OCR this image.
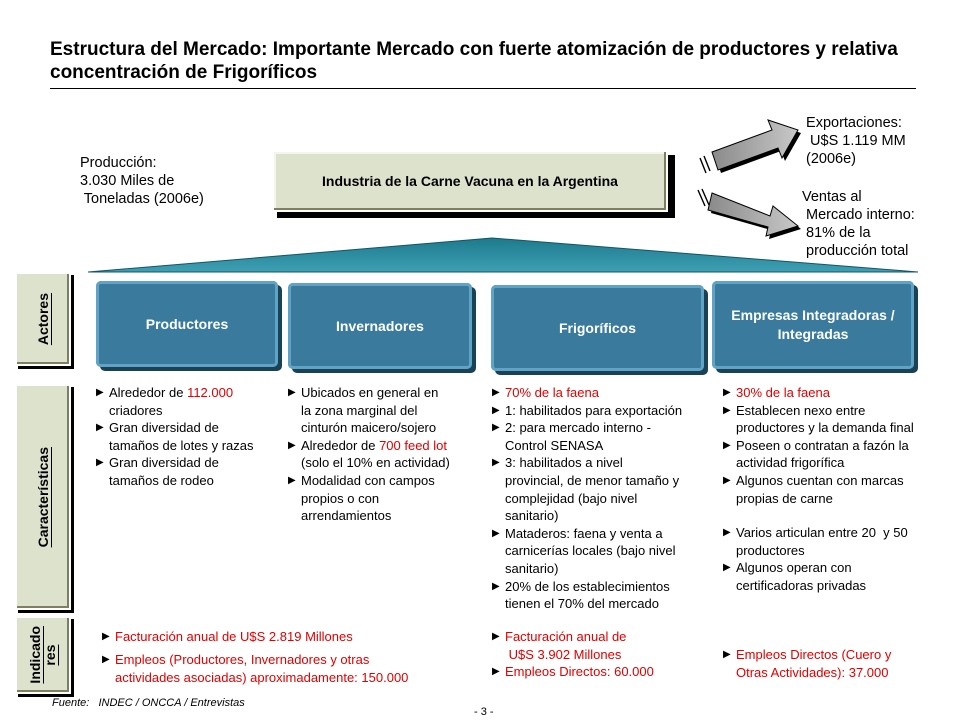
Estructura del Mercado: Importante Mercado con fuerte atomización de productores y relativa concentración de Frigoríficos
Producción:
3.030 Miles de
Toneladas (2006e)
Industria de la Carne Vacuna en la Argentina
Exportaciones:
U$S 1.119 MM
(2006e)
Ventas al
Mercado interno:
81% de la
producción total
Actores
Características
Indicado
res
Productores	Invernadores	Frigoríficos
Empresas Integradoras /
Integradas
▶ Alrededor de 112.000
criadores
▶ Gran diversidad de
tamaños de lotes y razas
▶ Gran diversidad de
tamaños de rodeo
▶ Ubicados en general en
la zona marginal del
cinturón maicero/sojero
▶ Alrededor de 700 feed lot
(solo el 10% en actividad)
▶ Modalidad con campos
propios o con
arrendamientos
▶ 70% de la faena
▶ 1: habilitados para exportación
▶ 2: para mercado interno -
Control SENASA
▶ 3: habilitados a nivel
provincial, de menor tamaño y
complejidad (bajo nivel
sanitario)
▶ Mataderos: faena y venta a
carnicerías locales (bajo nivel
sanitario)
▶ 20% de los establecimientos
tienen el 70% del mercado
▶ 30% de la faena
▶ Establecen nexo entre
productores y la demanda final
▶ Poseen o contratan a fazón la
actividad frigorífica
▶ Algunos cuentan con marcas
propias de carne
▶ Varios articulan entre 20  y 50
productores
▶ Algunos operan con
certificadoras privadas
▶ Facturación anual de U$S 2.819 Millones
▶ Empleos (Productores, Invernadores y otras
actividades asociadas) aproximadamente: 150.000
▶ Facturación anual de
U$S 3.902 Millones
▶ Empleos Directos: 60.000
▶ Empleos Directos (Cuero y
Otras Actividades): 37.000
Fuente:   INDEC / ONCCA / Entrevistas
- 3 -
